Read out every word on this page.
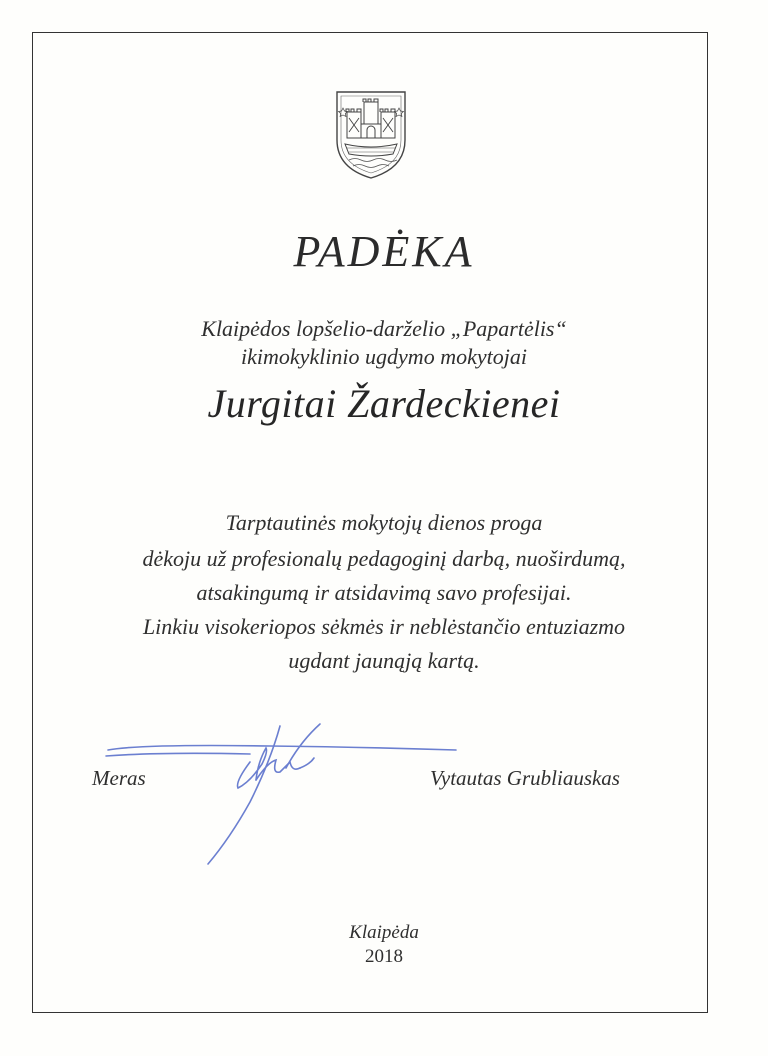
PADĖKA
Klaipėdos lopšelio-darželio „Papartėlis“
ikimokyklinio ugdymo mokytojai
Jurgitai Žardeckienei
Tarptautinės mokytojų dienos proga
dėkoju už profesionalų pedagoginį darbą, nuoširdumą,
atsakingumą ir atsidavimą savo profesijai.
Linkiu visokeriopos sėkmės ir neblėstančio entuziazmo
ugdant jaunąją kartą.
Meras	Vytautas Grubliauskas
Klaipėda
2018
